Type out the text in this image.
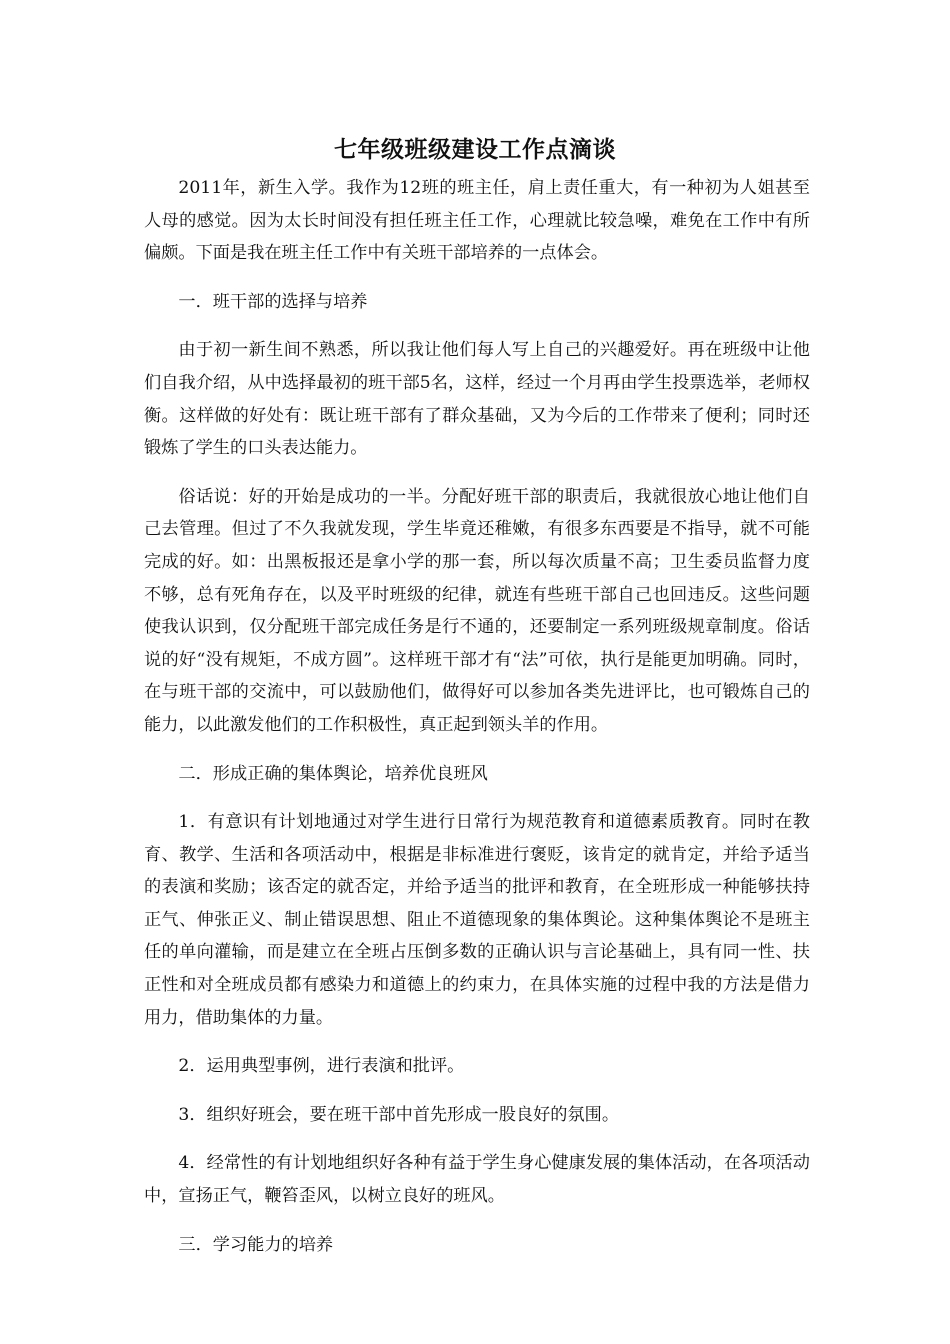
七年级班级建设工作点滴谈

2011年，新生入学。我作为12班的班主任，肩上责任重大，有一种初为人姐甚至人母的感觉。因为太长时间没有担任班主任工作，心理就比较急噪，难免在工作中有所偏颇。下面是我在班主任工作中有关班干部培养的一点体会。

一．班干部的选择与培养

由于初一新生间不熟悉，所以我让他们每人写上自己的兴趣爱好。再在班级中让他们自我介绍，从中选择最初的班干部5名，这样，经过一个月再由学生投票选举，老师权衡。这样做的好处有：既让班干部有了群众基础，又为今后的工作带来了便利；同时还锻炼了学生的口头表达能力。

俗话说：好的开始是成功的一半。分配好班干部的职责后，我就很放心地让他们自己去管理。但过了不久我就发现，学生毕竟还稚嫩，有很多东西要是不指导，就不可能完成的好。如：出黑板报还是拿小学的那一套，所以每次质量不高；卫生委员监督力度不够，总有死角存在，以及平时班级的纪律，就连有些班干部自己也回违反。这些问题使我认识到，仅分配班干部完成任务是行不通的，还要制定一系列班级规章制度。俗话说的好“没有规矩，不成方圆”。这样班干部才有“法”可依，执行是能更加明确。同时，在与班干部的交流中，可以鼓励他们，做得好可以参加各类先进评比，也可锻炼自己的能力，以此激发他们的工作积极性，真正起到领头羊的作用。

二．形成正确的集体舆论，培养优良班风

1．有意识有计划地通过对学生进行日常行为规范教育和道德素质教育。同时在教育、教学、生活和各项活动中，根据是非标准进行褒贬，该肯定的就肯定，并给予适当的表演和奖励；该否定的就否定，并给予适当的批评和教育，在全班形成一种能够扶持正气、伸张正义、制止错误思想、阻止不道德现象的集体舆论。这种集体舆论不是班主任的单向灌输，而是建立在全班占压倒多数的正确认识与言论基础上，具有同一性、扶正性和对全班成员都有感染力和道德上的约束力，在具体实施的过程中我的方法是借力用力，借助集体的力量。

2．运用典型事例，进行表演和批评。

3．组织好班会，要在班干部中首先形成一股良好的氛围。

4．经常性的有计划地组织好各种有益于学生身心健康发展的集体活动，在各项活动中，宣扬正气，鞭笞歪风，以树立良好的班风。

三．学习能力的培养
